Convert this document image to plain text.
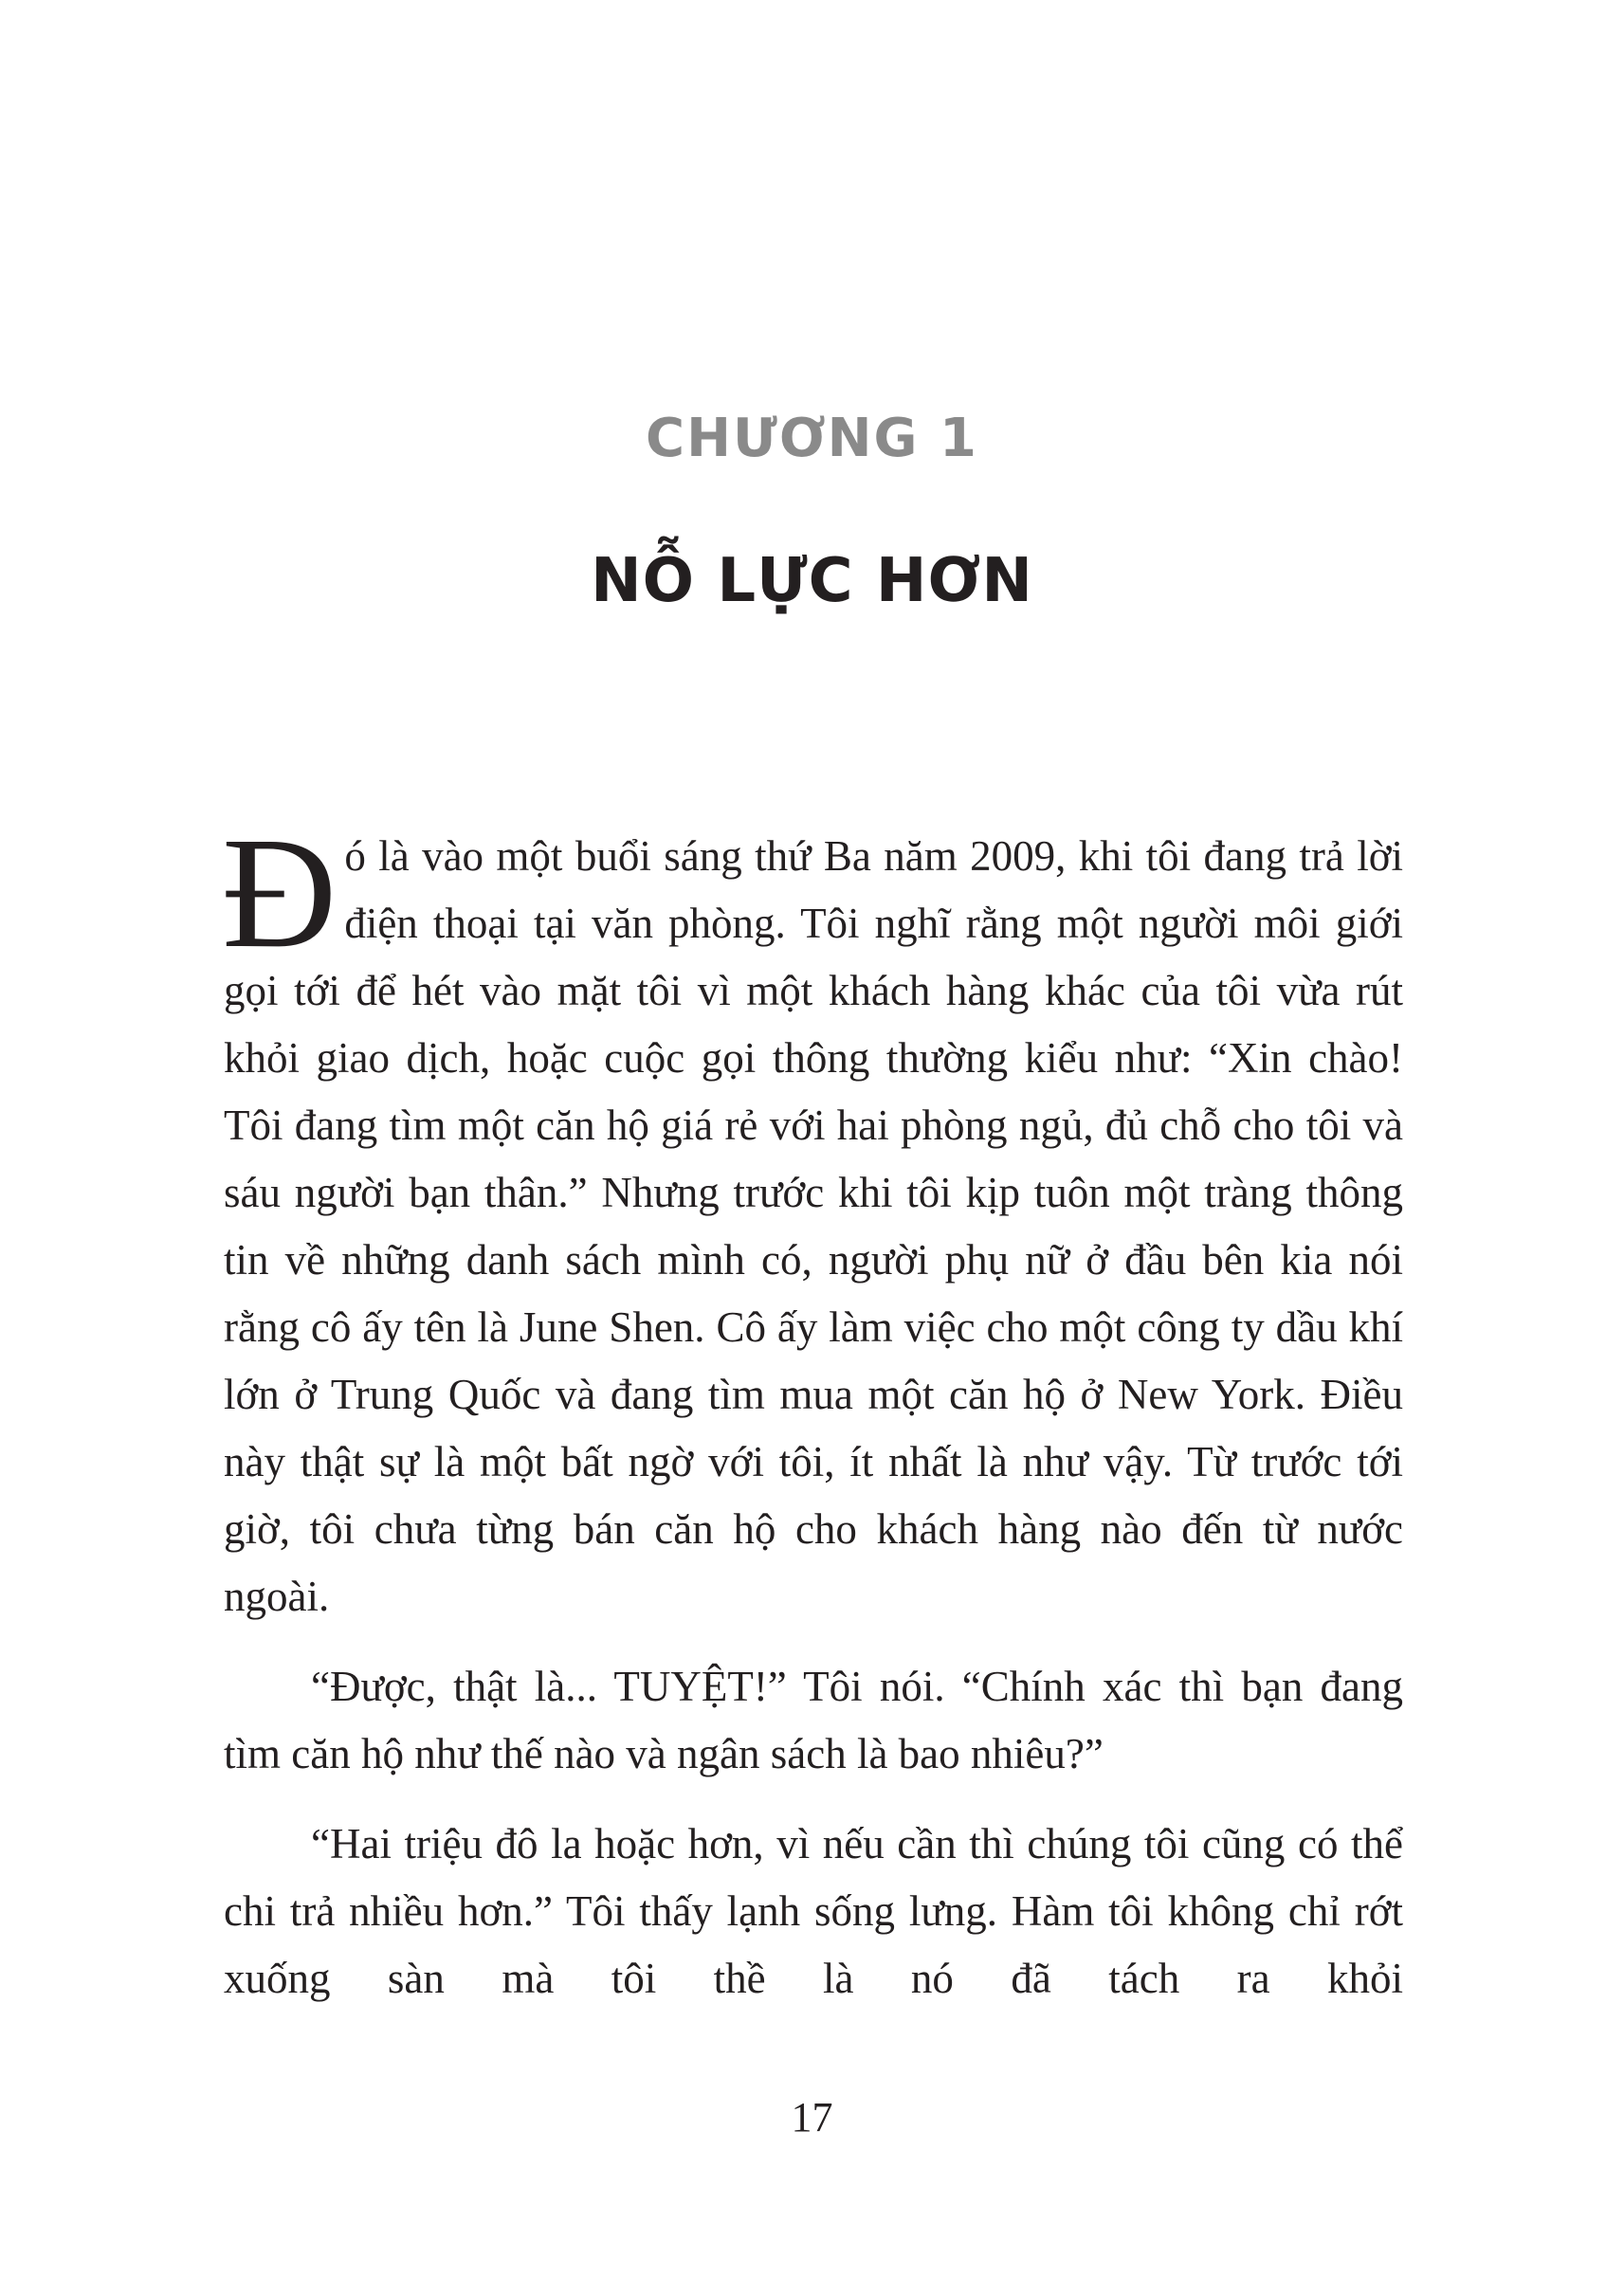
CHƯƠNG 1
NỖ LỰC HƠN

Đó là vào một buổi sáng thứ Ba năm 2009, khi tôi đang trả lời điện thoại tại văn phòng. Tôi nghĩ rằng một người môi giới gọi tới để hét vào mặt tôi vì một khách hàng khác của tôi vừa rút khỏi giao dịch, hoặc cuộc gọi thông thường kiểu như: “Xin chào! Tôi đang tìm một căn hộ giá rẻ với hai phòng ngủ, đủ chỗ cho tôi và sáu người bạn thân.” Nhưng trước khi tôi kịp tuôn một tràng thông tin về những danh sách mình có, người phụ nữ ở đầu bên kia nói rằng cô ấy tên là June Shen. Cô ấy làm việc cho một công ty dầu khí lớn ở Trung Quốc và đang tìm mua một căn hộ ở New York. Điều này thật sự là một bất ngờ với tôi, ít nhất là như vậy. Từ trước tới giờ, tôi chưa từng bán căn hộ cho khách hàng nào đến từ nước ngoài.

“Được, thật là... TUYỆT!” Tôi nói. “Chính xác thì bạn đang tìm căn hộ như thế nào và ngân sách là bao nhiêu?”

“Hai triệu đô la hoặc hơn, vì nếu cần thì chúng tôi cũng có thể chi trả nhiều hơn.” Tôi thấy lạnh sống lưng. Hàm tôi không chỉ rớt xuống sàn mà tôi thề là nó đã tách ra khỏi

17
